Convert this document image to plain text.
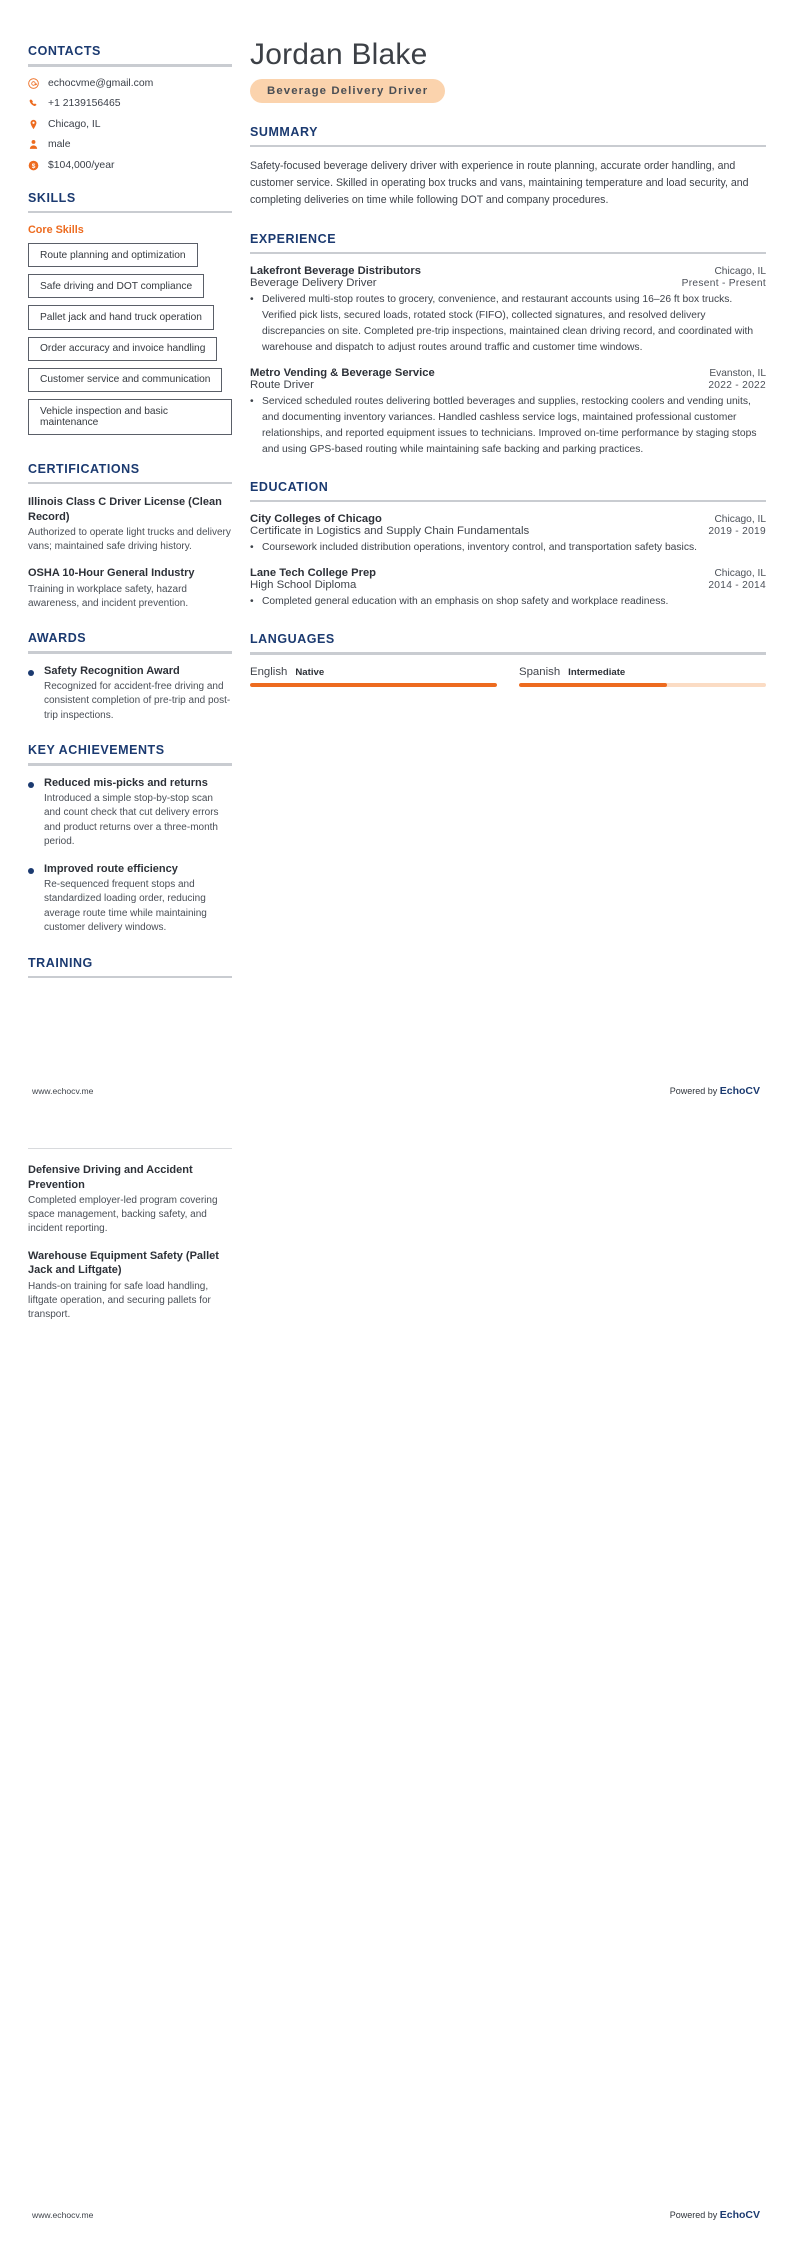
CONTACTS
echocvme@gmail.com
+1 2139156465
Chicago, IL
male
$ $104,000/year
SKILLS
Core Skills
Route planning and optimization
Safe driving and DOT compliance
Pallet jack and hand truck operation
Order accuracy and invoice handling
Customer service and communication
Vehicle inspection and basic maintenance
CERTIFICATIONS
Illinois Class C Driver License (Clean Record)
Authorized to operate light trucks and delivery vans; maintained safe driving history.
OSHA 10-Hour General Industry
Training in workplace safety, hazard awareness, and incident prevention.
AWARDS
Safety Recognition Award
Recognized for accident-free driving and consistent completion of pre-trip and post-trip inspections.
KEY ACHIEVEMENTS
Reduced mis-picks and returns
Introduced a simple stop-by-stop scan and count check that cut delivery errors and product returns over a three-month period.
Improved route efficiency
Re-sequenced frequent stops and standardized loading order, reducing average route time while maintaining customer delivery windows.
TRAINING
Jordan Blake
Beverage Delivery Driver
SUMMARY

Safety-focused beverage delivery driver with experience in route planning, accurate order handling, and customer service. Skilled in operating box trucks and vans, maintaining temperature and load security, and completing deliveries on time while following DOT and company procedures.

EXPERIENCE
Lakefront Beverage Distributors	Chicago, IL
Beverage Delivery Driver	Present - Present
• Delivered multi-stop routes to grocery, convenience, and restaurant accounts using 16–26 ft box trucks. Verified pick lists, secured loads, rotated stock (FIFO), collected signatures, and resolved delivery discrepancies on site. Completed pre-trip inspections, maintained clean driving record, and coordinated with warehouse and dispatch to adjust routes around traffic and customer time windows.
Metro Vending & Beverage Service	Evanston, IL
Route Driver	2022 - 2022
• Serviced scheduled routes delivering bottled beverages and supplies, restocking coolers and vending units, and documenting inventory variances. Handled cashless service logs, maintained professional customer relationships, and reported equipment issues to technicians. Improved on-time performance by staging stops and using GPS-based routing while maintaining safe backing and parking practices.
EDUCATION
City Colleges of Chicago	Chicago, IL
Certificate in Logistics and Supply Chain Fundamentals	2019 - 2019
• Coursework included distribution operations, inventory control, and transportation safety basics.
Lane Tech College Prep	Chicago, IL
High School Diploma	2014 - 2014
• Completed general education with an emphasis on shop safety and workplace readiness.
LANGUAGES
English Native	Spanish Intermediate
www.echocv.me	Powered by EchoCV
Defensive Driving and Accident Prevention
Completed employer-led program covering space management, backing safety, and incident reporting.
Warehouse Equipment Safety (Pallet Jack and Liftgate)
Hands-on training for safe load handling, liftgate operation, and securing pallets for transport.
www.echocv.me	Powered by EchoCV
